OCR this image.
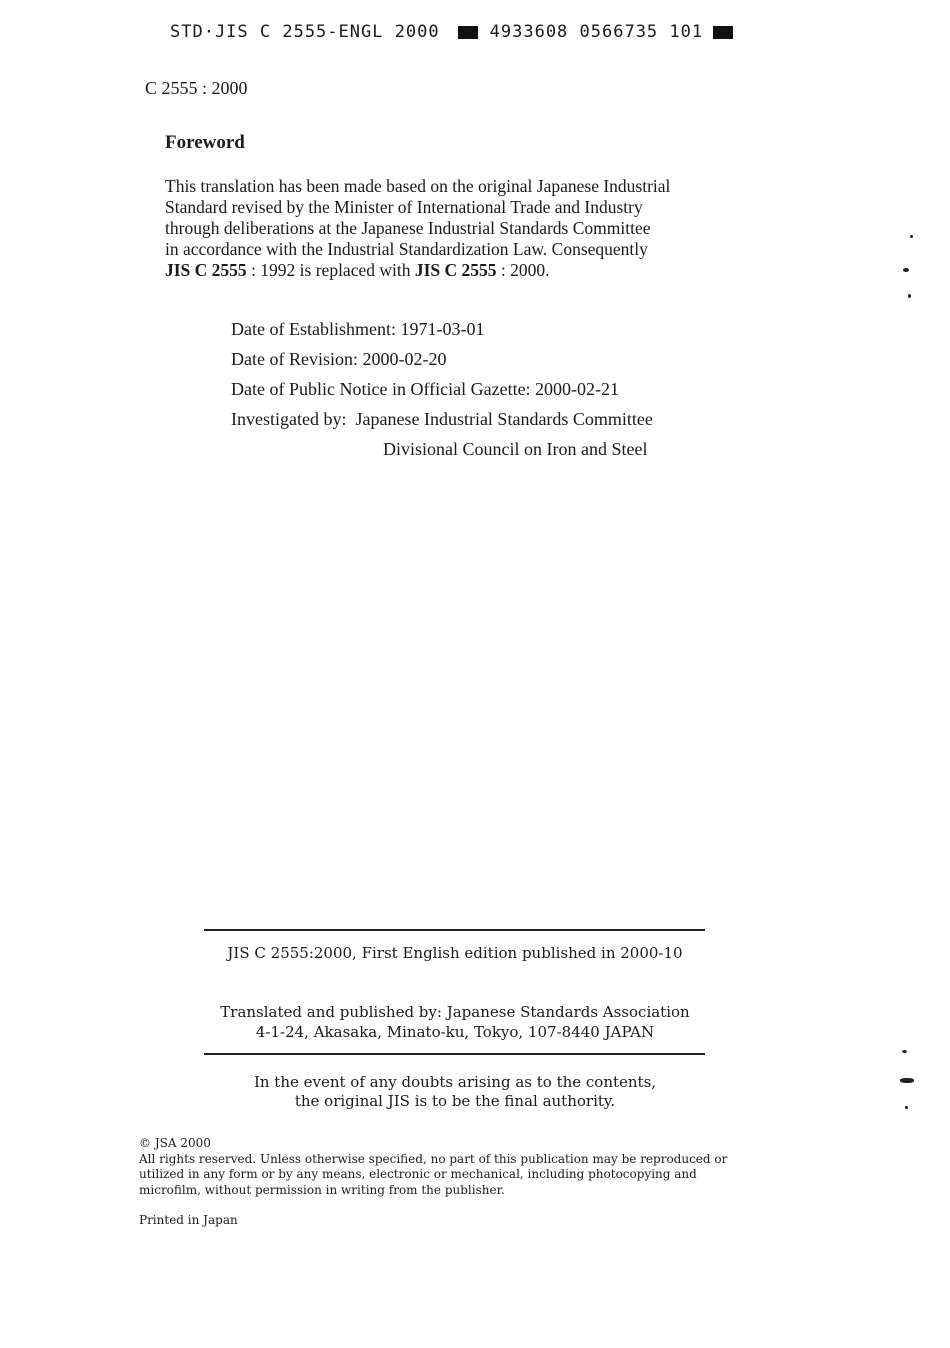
STD·JIS C 2555-ENGL 2000	4933608 0566735 101
C 2555 : 2000
Foreword

This translation has been made based on the original Japanese Industrial

Standard revised by the Minister of International Trade and Industry

through deliberations at the Japanese Industrial Standards Committee

in accordance with the Industrial Standardization Law. Consequently

JIS C 2555 : 1992 is replaced with JIS C 2555 : 2000.

Date of Establishment: 1971-03-01
Date of Revision: 2000-02-20
Date of Public Notice in Official Gazette: 2000-02-21
Investigated by: Japanese Industrial Standards Committee
Divisional Council on Iron and Steel
JIS C 2555:2000, First English edition published in 2000-10
Translated and published by: Japanese Standards Association
4-1-24, Akasaka, Minato-ku, Tokyo, 107-8440 JAPAN
In the event of any doubts arising as to the contents,
the original JIS is to be the final authority.

© JSA 2000

All rights reserved. Unless otherwise specified, no part of this publication may be reproduced or

utilized in any form or by any means, electronic or mechanical, including photocopying and

microfilm, without permission in writing from the publisher.

Printed in Japan
